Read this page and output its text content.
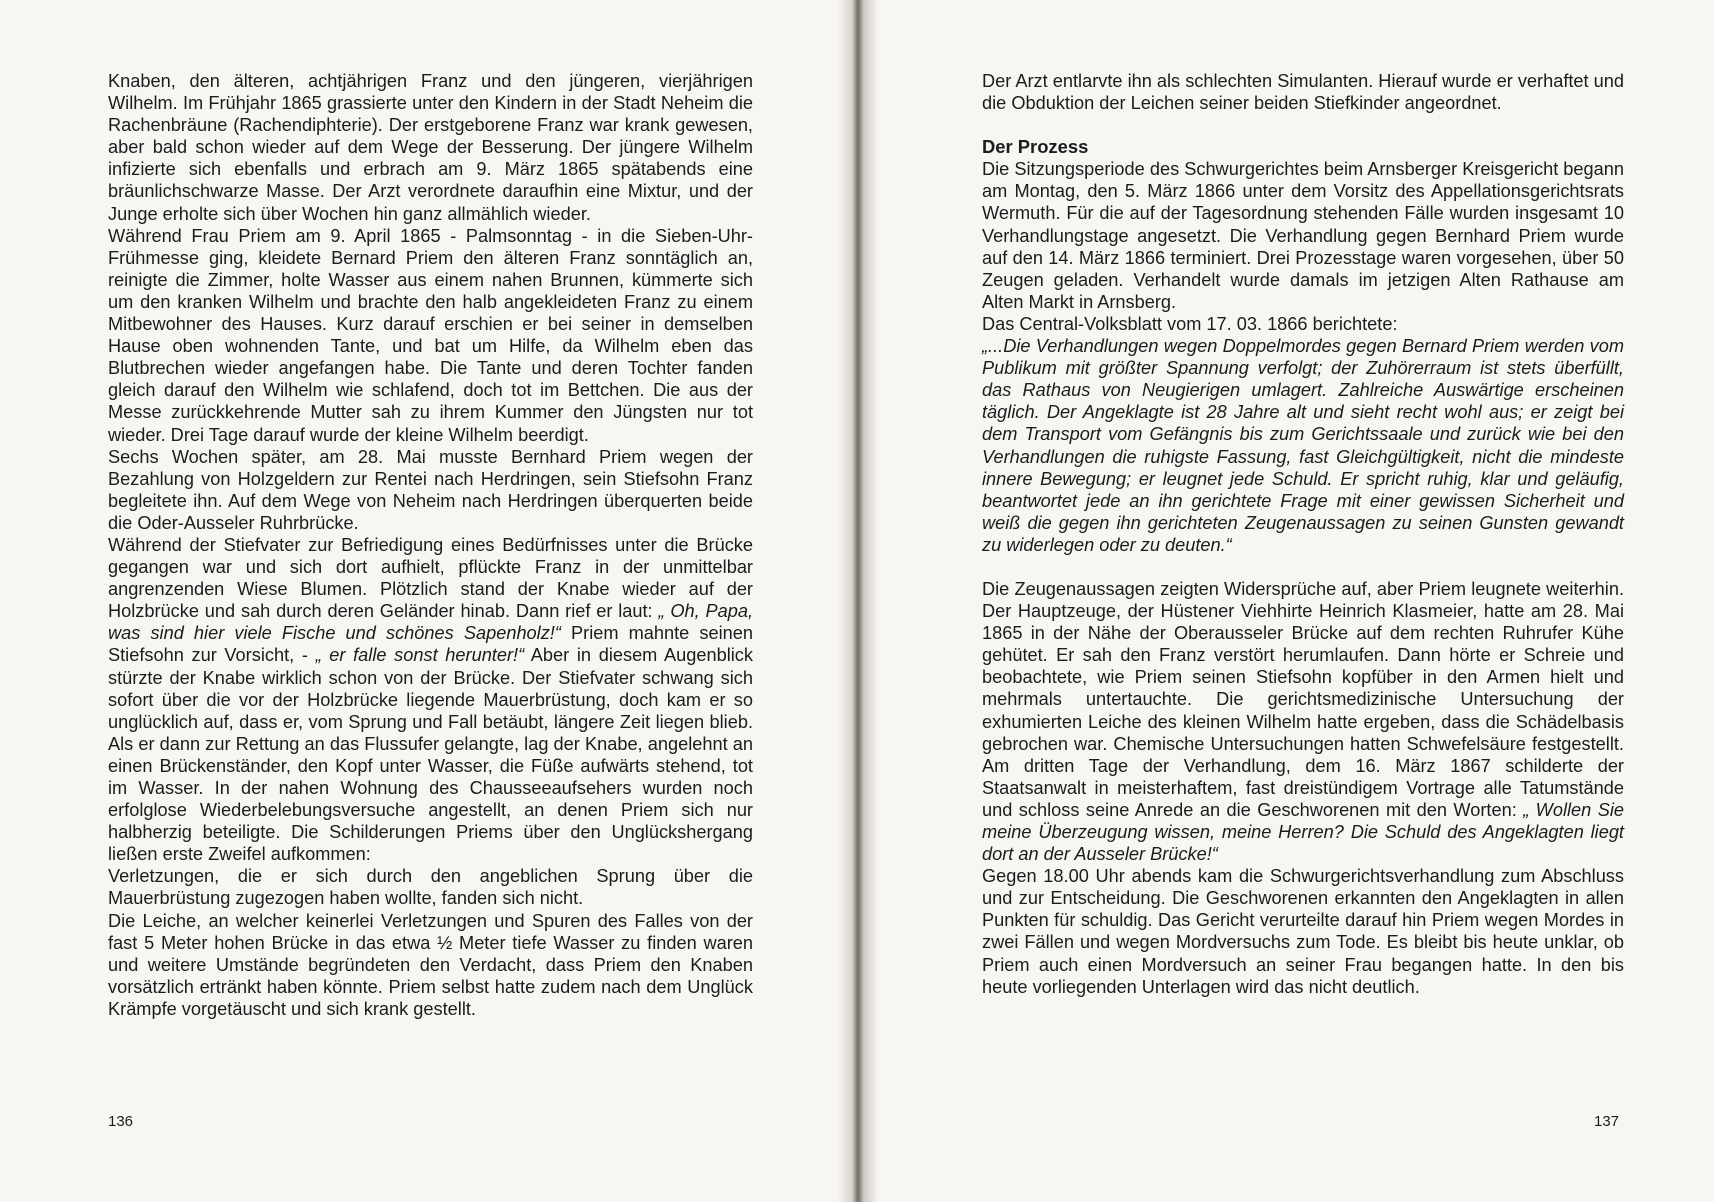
Knaben, den älteren, achtjährigen Franz und den jüngeren, vierjährigen Wilhelm. Im Frühjahr 1865 grassierte unter den Kindern in der Stadt Neheim die Rachenbräune (Rachendiphterie). Der erstgeborene Franz war krank gewesen, aber bald schon wieder auf dem Wege der Besserung. Der jüngere Wilhelm infizierte sich ebenfalls und erbrach am 9. März 1865 spätabends eine bräunlichschwarze Masse. Der Arzt verordnete daraufhin eine Mixtur, und der Junge erholte sich über Wochen hin ganz allmählich wieder.

Während Frau Priem am 9. April 1865 - Palmsonntag - in die Sieben-Uhr-Frühmesse ging, kleidete Bernard Priem den älteren Franz sonntäglich an, reinigte die Zimmer, holte Wasser aus einem nahen Brunnen, kümmerte sich um den kranken Wilhelm und brachte den halb angekleideten Franz zu einem Mitbewohner des Hauses. Kurz darauf erschien er bei seiner in demselben Hause oben wohnenden Tante, und bat um Hilfe, da Wilhelm eben das Blutbrechen wieder angefangen habe. Die Tante und deren Tochter fanden gleich darauf den Wilhelm wie schlafend, doch tot im Bettchen. Die aus der Messe zurückkehrende Mutter sah zu ihrem Kummer den Jüngsten nur tot wieder. Drei Tage darauf wurde der kleine Wilhelm beerdigt.

Sechs Wochen später, am 28. Mai musste Bernhard Priem wegen der Bezahlung von Holzgeldern zur Rentei nach Herdringen, sein Stiefsohn Franz begleitete ihn. Auf dem Wege von Neheim nach Herdringen überquerten beide die Oder-Ausseler Ruhrbrücke.

Während der Stiefvater zur Befriedigung eines Bedürfnisses unter die Brücke gegangen war und sich dort aufhielt, pflückte Franz in der unmittelbar angrenzenden Wiese Blumen. Plötzlich stand der Knabe wieder auf der Holzbrücke und sah durch deren Geländer hinab. Dann rief er laut: „ Oh, Papa, was sind hier viele Fische und schönes Sapenholz!“ Priem mahnte seinen Stiefsohn zur Vorsicht, - „ er falle sonst herunter!“ Aber in diesem Augenblick stürzte der Knabe wirklich schon von der Brücke. Der Stiefvater schwang sich sofort über die vor der Holzbrücke liegende Mauerbrüstung, doch kam er so unglücklich auf, dass er, vom Sprung und Fall betäubt, längere Zeit liegen blieb. Als er dann zur Rettung an das Flussufer gelangte, lag der Knabe, angelehnt an einen Brückenständer, den Kopf unter Wasser, die Füße aufwärts stehend, tot im Wasser. In der nahen Wohnung des Chausseeaufsehers wurden noch erfolglose Wiederbelebungsversuche angestellt, an denen Priem sich nur halbherzig beteiligte. Die Schilderungen Priems über den Unglückshergang ließen erste Zweifel aufkommen:

Verletzungen, die er sich durch den angeblichen Sprung über die Mauerbrüstung zugezogen haben wollte, fanden sich nicht.

Die Leiche, an welcher keinerlei Verletzungen und Spuren des Falles von der fast 5 Meter hohen Brücke in das etwa ½ Meter tiefe Wasser zu finden waren und weitere Umstände begründeten den Verdacht, dass Priem den Knaben vorsätzlich ertränkt haben könnte. Priem selbst hatte zudem nach dem Unglück Krämpfe vorgetäuscht und sich krank gestellt.

136

Der Arzt entlarvte ihn als schlechten Simulanten. Hierauf wurde er verhaftet und die Obduktion der Leichen seiner beiden Stiefkinder angeordnet.

Der Prozess

Die Sitzungsperiode des Schwurgerichtes beim Arnsberger Kreisgericht begann am Montag, den 5. März 1866 unter dem Vorsitz des Appellationsgerichtsrats Wermuth. Für die auf der Tagesordnung stehenden Fälle wurden insgesamt 10 Verhandlungstage angesetzt. Die Verhandlung gegen Bernhard Priem wurde auf den 14. März 1866 terminiert. Drei Prozesstage waren vorgesehen, über 50 Zeugen geladen. Verhandelt wurde damals im jetzigen Alten Rathause am Alten Markt in Arnsberg.

Das Central-Volksblatt vom 17. 03. 1866 berichtete:

„...Die Verhandlungen wegen Doppelmordes gegen Bernard Priem werden vom Publikum mit größter Spannung verfolgt; der Zuhörerraum ist stets überfüllt, das Rathaus von Neugierigen umlagert. Zahlreiche Auswärtige erscheinen täglich. Der Angeklagte ist 28 Jahre alt und sieht recht wohl aus; er zeigt bei dem Transport vom Gefängnis bis zum Gerichtssaale und zurück wie bei den Verhandlungen die ruhigste Fassung, fast Gleichgültigkeit, nicht die mindeste innere Bewegung; er leugnet jede Schuld. Er spricht ruhig, klar und geläufig, beantwortet jede an ihn gerichtete Frage mit einer gewissen Sicherheit und weiß die gegen ihn gerichteten Zeugenaussagen zu seinen Gunsten gewandt zu widerlegen oder zu deuten.“

Die Zeugenaussagen zeigten Widersprüche auf, aber Priem leugnete weiterhin. Der Hauptzeuge, der Hüstener Viehhirte Heinrich Klasmeier, hatte am 28. Mai 1865 in der Nähe der Oberausseler Brücke auf dem rechten Ruhrufer Kühe gehütet. Er sah den Franz verstört herumlaufen. Dann hörte er Schreie und beobachtete, wie Priem seinen Stiefsohn kopfüber in den Armen hielt und mehrmals untertauchte. Die gerichtsmedizinische Untersuchung der exhumierten Leiche des kleinen Wilhelm hatte ergeben, dass die Schädelbasis gebrochen war. Chemische Untersuchungen hatten Schwefelsäure festgestellt. Am dritten Tage der Verhandlung, dem 16. März 1867 schilderte der Staatsanwalt in meisterhaftem, fast dreistündigem Vortrage alle Tatumstände und schloss seine Anrede an die Geschworenen mit den Worten: „ Wollen Sie meine Überzeugung wissen, meine Herren? Die Schuld des Angeklagten liegt dort an der Ausseler Brücke!“

Gegen 18.00 Uhr abends kam die Schwurgerichtsverhandlung zum Abschluss und zur Entscheidung. Die Geschworenen erkannten den Angeklagten in allen Punkten für schuldig. Das Gericht verurteilte darauf hin Priem wegen Mordes in zwei Fällen und wegen Mordversuchs zum Tode. Es bleibt bis heute unklar, ob Priem auch einen Mordversuch an seiner Frau begangen hatte. In den bis heute vorliegenden Unterlagen wird das nicht deutlich.

137
